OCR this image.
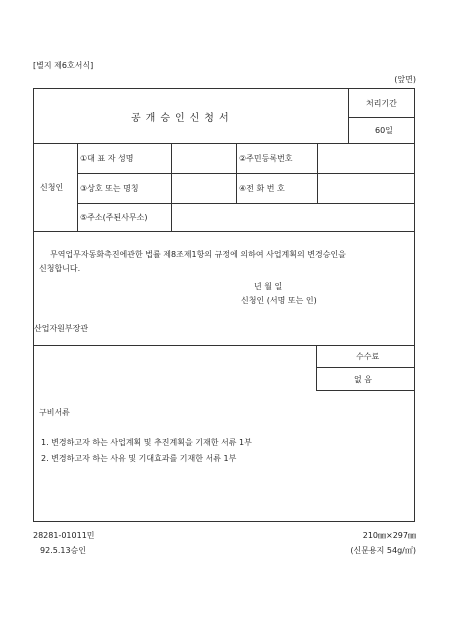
[별지 제6호서식]
(앞면)
공개승인신청서
처리기간
60일
신청인
①대 표 자 성명	②주민등록번호
③상호 또는 명칭	④전 화 번 호
⑤주소(주된사무소)
무역업무자동화촉진에관한 법률 제8조제1항의 규정에 의하여 사업계획의 변경승인을
신청합니다.
년 월 일
신청인 (서명 또는 인)
산업자원부장관
수수료
없 음
구비서류
1. 변경하고자 하는 사업계획 및 추진계획을 기재한 서류 1부
2. 변경하고자 하는 사유 및 기대효과를 기재한 서류 1부
28281-01011민
92.5.13승인
210㎜×297㎜
(신문용지 54g/㎡)
